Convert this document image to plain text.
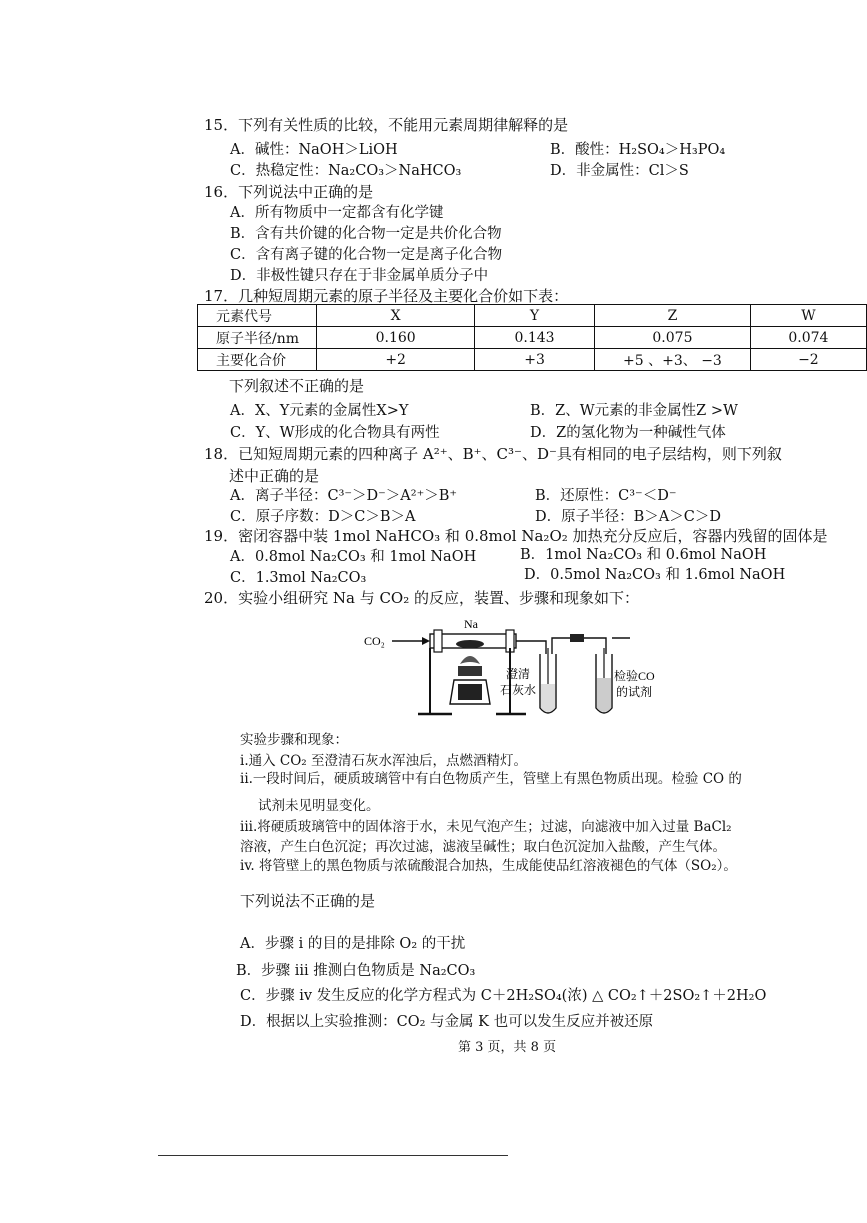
15．下列有关性质的比较，不能用元素周期律解释的是
A．碱性：NaOH＞LiOH	B．酸性：H₂SO₄＞H₃PO₄
C．热稳定性：Na₂CO₃＞NaHCO₃	D．非金属性：Cl＞S
16．下列说法中正确的是
A．所有物质中一定都含有化学键
B．含有共价键的化合物一定是共价化合物
C．含有离子键的化合物一定是离子化合物
D．非极性键只存在于非金属单质分子中
17．几种短周期元素的原子半径及主要化合价如下表：
元素代号	X	Y	Z	W
原子半径/nm	0.160	0.143	0.075	0.074
主要化合价	+2	+3	+5 、+3、 −3	−2
下列叙述不正确的是
A．X、Y元素的金属性X>Y	B．Z、W元素的非金属性Z >W
C．Y、W形成的化合物具有两性	D．Z的氢化物为一种碱性气体
18．已知短周期元素的四种离子 A²⁺、B⁺、C³⁻、D⁻具有相同的电子层结构，则下列叙
述中正确的是
A．离子半径：C³⁻＞D⁻＞A²⁺＞B⁺	B．还原性：C³⁻＜D⁻
C．原子序数：D＞C＞B＞A	D．原子半径：B＞A＞C＞D
19．密闭容器中装 1mol NaHCO₃ 和 0.8mol Na₂O₂ 加热充分反应后，容器内残留的固体是
A．0.8mol Na₂CO₃ 和 1mol NaOH	B．1mol Na₂CO₃ 和 0.6mol NaOH
C．1.3mol Na₂CO₃	D．0.5mol Na₂CO₃ 和 1.6mol NaOH
20．实验小组研究 Na 与 CO₂ 的反应，装置、步骤和现象如下：
CO₂
Na
澄清
石灰水
检验CO
的试剂
实验步骤和现象：
i.通入 CO₂ 至澄清石灰水浑浊后，点燃酒精灯。
ii.一段时间后，硬质玻璃管中有白色物质产生，管壁上有黑色物质出现。检验 CO 的
试剂未见明显变化。
iii.将硬质玻璃管中的固体溶于水，未见气泡产生；过滤，向滤液中加入过量 BaCl₂
溶液，产生白色沉淀；再次过滤，滤液呈碱性；取白色沉淀加入盐酸，产生气体。
iv. 将管壁上的黑色物质与浓硫酸混合加热，生成能使品红溶液褪色的气体（SO₂）。
下列说法不正确的是
A．步骤 i 的目的是排除 O₂ 的干扰
B．步骤 iii 推测白色物质是 Na₂CO₃
C．步骤 iv 发生反应的化学方程式为 C＋2H₂SO₄(浓) △ CO₂↑＋2SO₂↑＋2H₂O
D．根据以上实验推测：CO₂ 与金属 K 也可以发生反应并被还原
第 3 页，共 8 页
